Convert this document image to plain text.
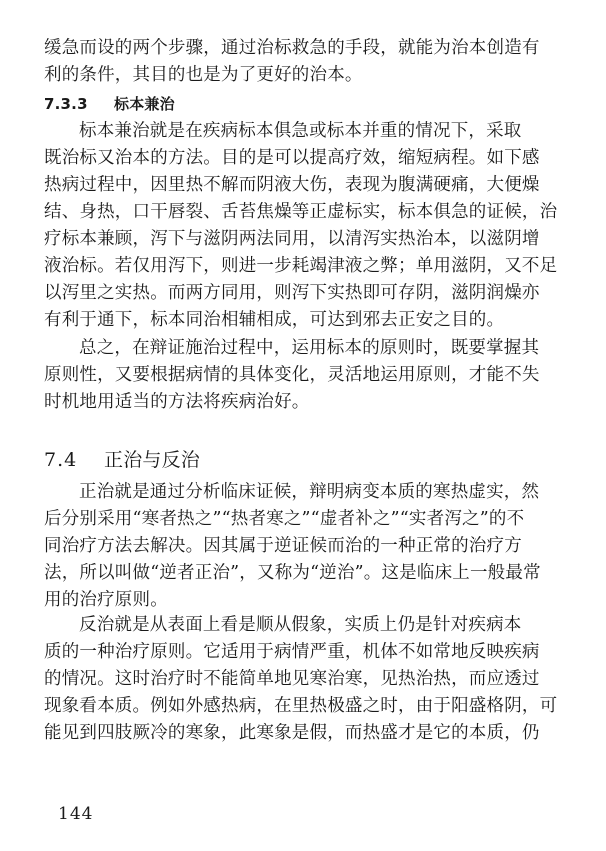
缓急而设的两个步骤，通过治标救急的手段，就能为治本创造有
利的条件，其目的也是为了更好的治本。
7.3.3 标本兼治
标本兼治就是在疾病标本俱急或标本并重的情况下，采取
既治标又治本的方法。目的是可以提高疗效，缩短病程。如下感
热病过程中，因里热不解而阴液大伤，表现为腹满硬痛，大便燥
结、身热，口干唇裂、舌苔焦燥等正虚标实，标本俱急的证候，治
疗标本兼顾，泻下与滋阴两法同用，以清泻实热治本，以滋阴增
液治标。若仅用泻下，则进一步耗竭津液之弊；单用滋阴，又不足
以泻里之实热。而两方同用，则泻下实热即可存阴，滋阴润燥亦
有利于通下，标本同治相辅相成，可达到邪去正安之目的。
总之，在辩证施治过程中，运用标本的原则时，既要掌握其
原则性，又要根据病情的具体变化，灵活地运用原则，才能不失
时机地用适当的方法将疾病治好。
7.4 正治与反治
正治就是通过分析临床证候，辩明病变本质的寒热虚实，然
后分别采用“寒者热之”“热者寒之”“虚者补之”“实者泻之”的不
同治疗方法去解决。因其属于逆证候而治的一种正常的治疗方
法，所以叫做“逆者正治”，又称为“逆治”。这是临床上一般最常
用的治疗原则。
反治就是从表面上看是顺从假象，实质上仍是针对疾病本
质的一种治疗原则。它适用于病情严重，机体不如常地反映疾病
的情况。这时治疗时不能简单地见寒治寒，见热治热，而应透过
现象看本质。例如外感热病，在里热极盛之时，由于阳盛格阴，可
能见到四肢厥冷的寒象，此寒象是假，而热盛才是它的本质，仍
144
